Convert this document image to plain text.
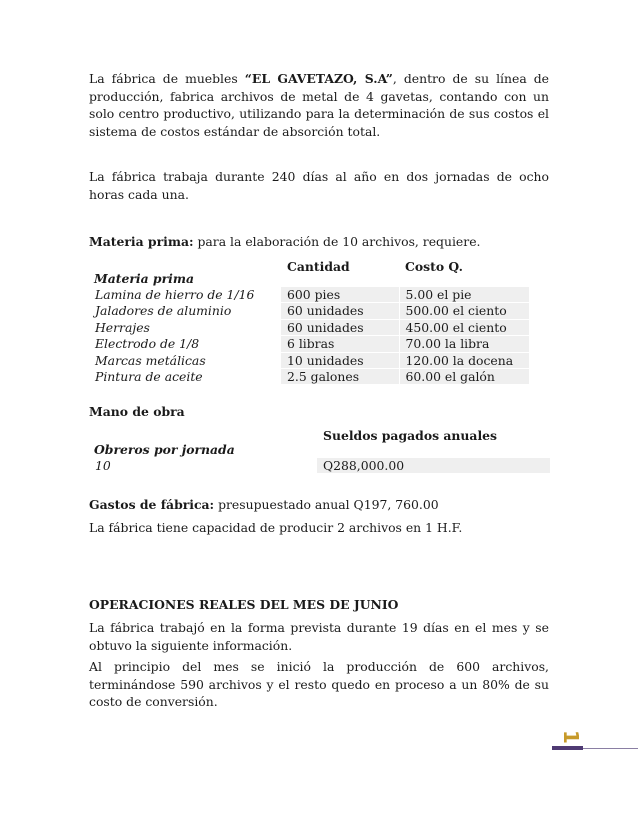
La fábrica de muebles “EL GAVETAZO, S.A”, dentro de su línea de producción, fabrica archivos de metal de 4 gavetas, contando con un solo centro productivo, utilizando para la determinación de sus costos el sistema de costos estándar de absorción total.
La fábrica trabaja durante 240 días al año en dos jornadas de ocho horas cada una.
Materia prima: para la elaboración de 10 archivos, requiere.
Cantidad	Costo Q.
Materia prima
Lamina de hierro de 1/16	600 pies	5.00 el pie
Jaladores de aluminio	60 unidades	500.00 el ciento
Herrajes	60 unidades	450.00 el ciento
Electrodo de 1/8	6 libras	70.00 la libra
Marcas metálicas	10 unidades	120.00 la docena
Pintura de aceite	2.5 galones	60.00 el galón
Mano de obra
Sueldos pagados anuales
Obreros por jornada
10	Q288,000.00
Gastos de fábrica: presupuestado anual Q197, 760.00
La fábrica tiene capacidad de producir 2 archivos en 1 H.F.
OPERACIONES REALES DEL MES DE JUNIO
La fábrica trabajó en la forma prevista durante 19 días en el mes y se obtuvo la siguiente información.
Al principio del mes se inició la producción de 600 archivos, terminándose 590 archivos y el resto quedo en proceso a un 80% de su costo de conversión.
1
